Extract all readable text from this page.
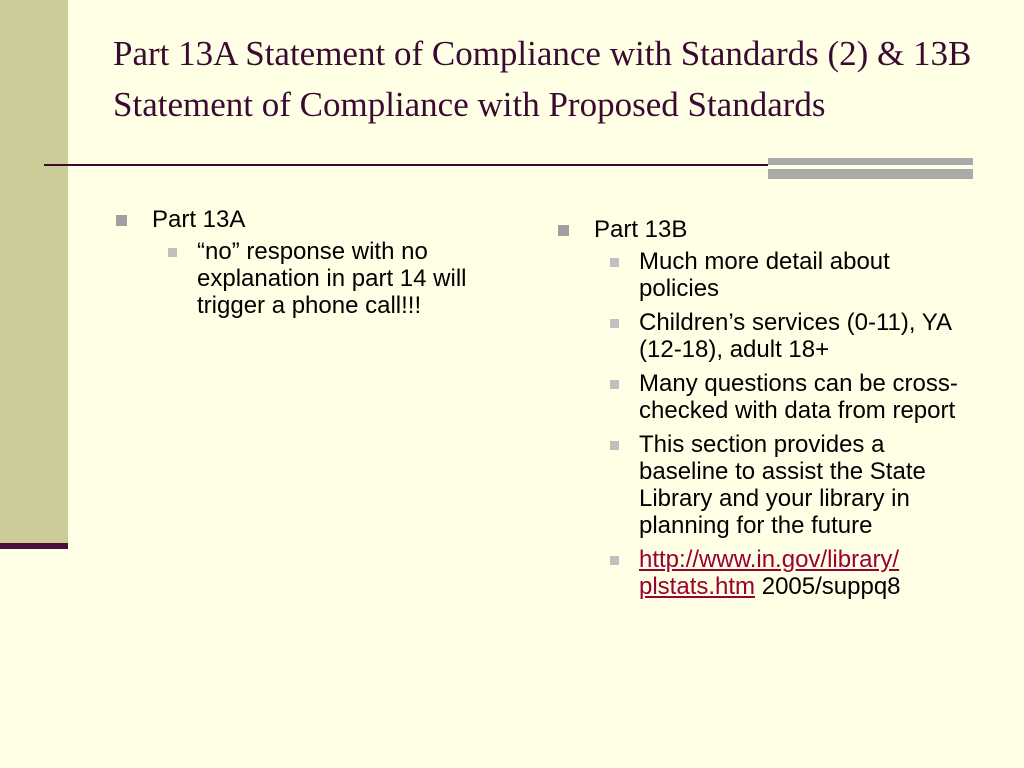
Part 13A Statement of Compliance with Standards (2) & 13B Statement of Compliance with Proposed Standards
Part 13A
“no” response with no explanation in part 14 will trigger a phone call!!!
Part 13B
Much more detail about policies
Children’s services (0-11), YA (12-18), adult 18+
Many questions can be cross-checked with data from report
This section provides a baseline to assist the State Library and your library in planning for the future
http://www.in.gov/library/
plstats.htm 2005/suppq8
